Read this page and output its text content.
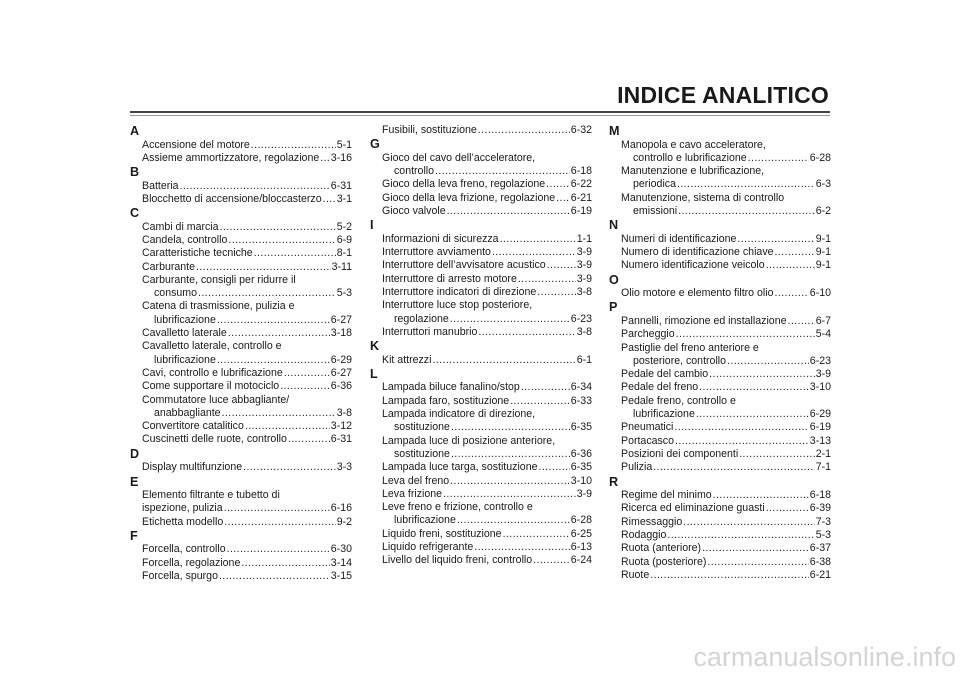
INDICE ANALITICO
A
Accensione del motore .....	5-1
Assieme ammortizzatore, regolazione ..... 3-16
B
Batteria .....	6-31
Blocchetto di accensione/bloccasterzo ..... 3-1
C
Cambi di marcia .....	5-2
Candela, controllo .....	6-9
Caratteristiche tecniche .....	8-1
Carburante .....	3-11
Carburante, consigli per ridurre il
consumo .....	5-3
Catena di trasmissione, pulizia e
lubrificazione .....	6-27
Cavalletto laterale .....	3-18
Cavalletto laterale, controllo e
lubrificazione .....	6-29
Cavi, controllo e lubrificazione .....	6-27
Come supportare il motociclo .....	6-36
Commutatore luce abbagliante/
anabbagliante .....	3-8
Convertitore catalitico .....	3-12
Cuscinetti delle ruote, controllo .....	6-31
D
Display multifunzione .....	3-3
E
Elemento filtrante e tubetto di
ispezione, pulizia .....	6-16
Etichetta modello .....	9-2
F
Forcella, controllo .....	6-30
Forcella, regolazione .....	3-14
Forcella, spurgo .....	3-15
Fusibili, sostituzione .....	6-32
G
Gioco del cavo dell’acceleratore,
controllo .....	6-18
Gioco della leva freno, regolazione ..... 6-22
Gioco della leva frizione, regolazione ..... 6-21
Gioco valvole .....	6-19
I
Informazioni di sicurezza .....	1-1
Interruttore avviamento .....	3-9
Interruttore dell’avvisatore acustico .....	3-9
Interruttore di arresto motore .....	3-9
Interruttore indicatori di direzione .....	3-8
Interruttore luce stop posteriore,
regolazione .....	6-23
Interruttori manubrio .....	3-8
K
Kit attrezzi .....	6-1
L
Lampada biluce fanalino/stop .....	6-34
Lampada faro, sostituzione .....	6-33
Lampada indicatore di direzione,
sostituzione .....	6-35
Lampada luce di posizione anteriore,
sostituzione .....	6-36
Lampada luce targa, sostituzione .....	6-35
Leva del freno .....	3-10
Leva frizione .....	3-9
Leve freno e frizione, controllo e
lubrificazione .....	6-28
Liquido freni, sostituzione .....	6-25
Liquido refrigerante .....	6-13
Livello del liquido freni, controllo .....	6-24
M
Manopola e cavo acceleratore,
controllo e lubrificazione .....	6-28
Manutenzione e lubrificazione,
periodica .....	6-3
Manutenzione, sistema di controllo
emissioni .....	6-2
N
Numeri di identificazione .....	9-1
Numero di identificazione chiave .....	9-1
Numero identificazione veicolo .....	9-1
O
Olio motore e elemento filtro olio .....	6-10
P
Pannelli, rimozione ed installazione .....	6-7
Parcheggio .....	5-4
Pastiglie del freno anteriore e
posteriore, controllo .....	6-23
Pedale del cambio .....	3-9
Pedale del freno .....	3-10
Pedale freno, controllo e
lubrificazione .....	6-29
Pneumatici .....	6-19
Portacasco .....	3-13
Posizioni dei componenti .....	2-1
Pulizia .....	7-1
R
Regime del minimo .....	6-18
Ricerca ed eliminazione guasti .....	6-39
Rimessaggio .....	7-3
Rodaggio .....	5-3
Ruota (anteriore) .....	6-37
Ruota (posteriore) .....	6-38
Ruote .....	6-21
carmanualsonline.info
